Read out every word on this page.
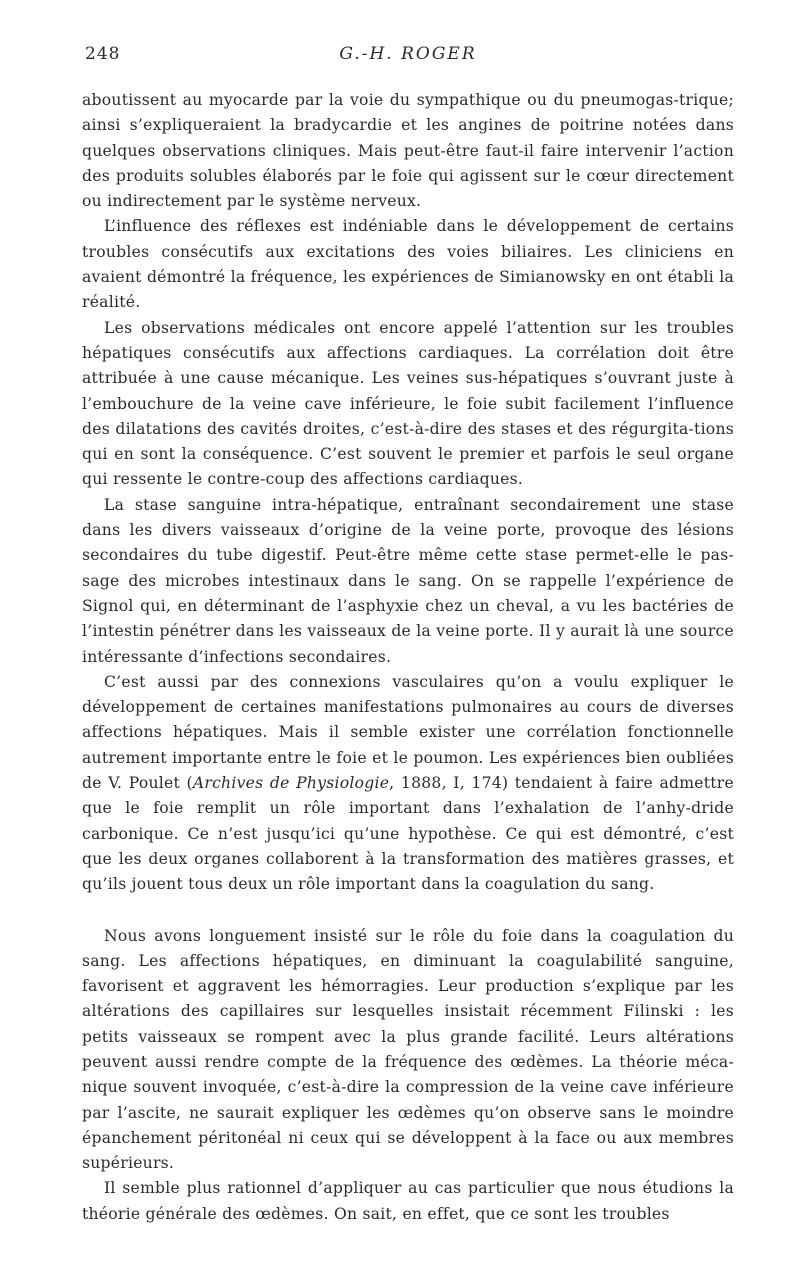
248	G.-H. ROGER

aboutissent au myocarde par la voie du sympathique ou du pneumogas-trique; ainsi s’expliqueraient la bradycardie et les angines de poitrine notées dans quelques observations cliniques. Mais peut-être faut-il faire intervenir l’action des produits solubles élaborés par le foie qui agissent sur le cœur directement ou indirectement par le système nerveux.

L’influence des réflexes est indéniable dans le développement de certains troubles consécutifs aux excitations des voies biliaires. Les cliniciens en avaient démontré la fréquence, les expériences de Simianowsky en ont établi la réalité.

Les observations médicales ont encore appelé l’attention sur les troubles hépatiques consécutifs aux affections cardiaques. La corrélation doit être attribuée à une cause mécanique. Les veines sus-hépatiques s’ouvrant juste à l’embouchure de la veine cave inférieure, le foie subit facilement l’influence des dilatations des cavités droites, c’est-à-dire des stases et des régurgita-tions qui en sont la conséquence. C’est souvent le premier et parfois le seul organe qui ressente le contre-coup des affections cardiaques.

La stase sanguine intra-hépatique, entraînant secondairement une stase dans les divers vaisseaux d’origine de la veine porte, provoque des lésions secondaires du tube digestif. Peut-être même cette stase permet-elle le pas-sage des microbes intestinaux dans le sang. On se rappelle l’expérience de Signol qui, en déterminant de l’asphyxie chez un cheval, a vu les bactéries de l’intestin pénétrer dans les vaisseaux de la veine porte. Il y aurait là une source intéressante d’infections secondaires.

C’est aussi par des connexions vasculaires qu’on a voulu expliquer le développement de certaines manifestations pulmonaires au cours de diverses affections hépatiques. Mais il semble exister une corrélation fonctionnelle autrement importante entre le foie et le poumon. Les expériences bien oubliées de V. Poulet (Archives de Physiologie, 1888, I, 174) tendaient à faire admettre que le foie remplit un rôle important dans l’exhalation de l’anhy-dride carbonique. Ce n’est jusqu’ici qu’une hypothèse. Ce qui est démontré, c’est que les deux organes collaborent à la transformation des matières grasses, et qu’ils jouent tous deux un rôle important dans la coagulation du sang.

Nous avons longuement insisté sur le rôle du foie dans la coagulation du sang. Les affections hépatiques, en diminuant la coagulabilité sanguine, favorisent et aggravent les hémorragies. Leur production s’explique par les altérations des capillaires sur lesquelles insistait récemment Filinski : les petits vaisseaux se rompent avec la plus grande facilité. Leurs altérations peuvent aussi rendre compte de la fréquence des œdèmes. La théorie méca-nique souvent invoquée, c’est-à-dire la compression de la veine cave inférieure par l’ascite, ne saurait expliquer les œdèmes qu’on observe sans le moindre épanchement péritonéal ni ceux qui se développent à la face ou aux membres supérieurs.

Il semble plus rationnel d’appliquer au cas particulier que nous étudions la théorie générale des œdèmes. On sait, en effet, que ce sont les troubles
